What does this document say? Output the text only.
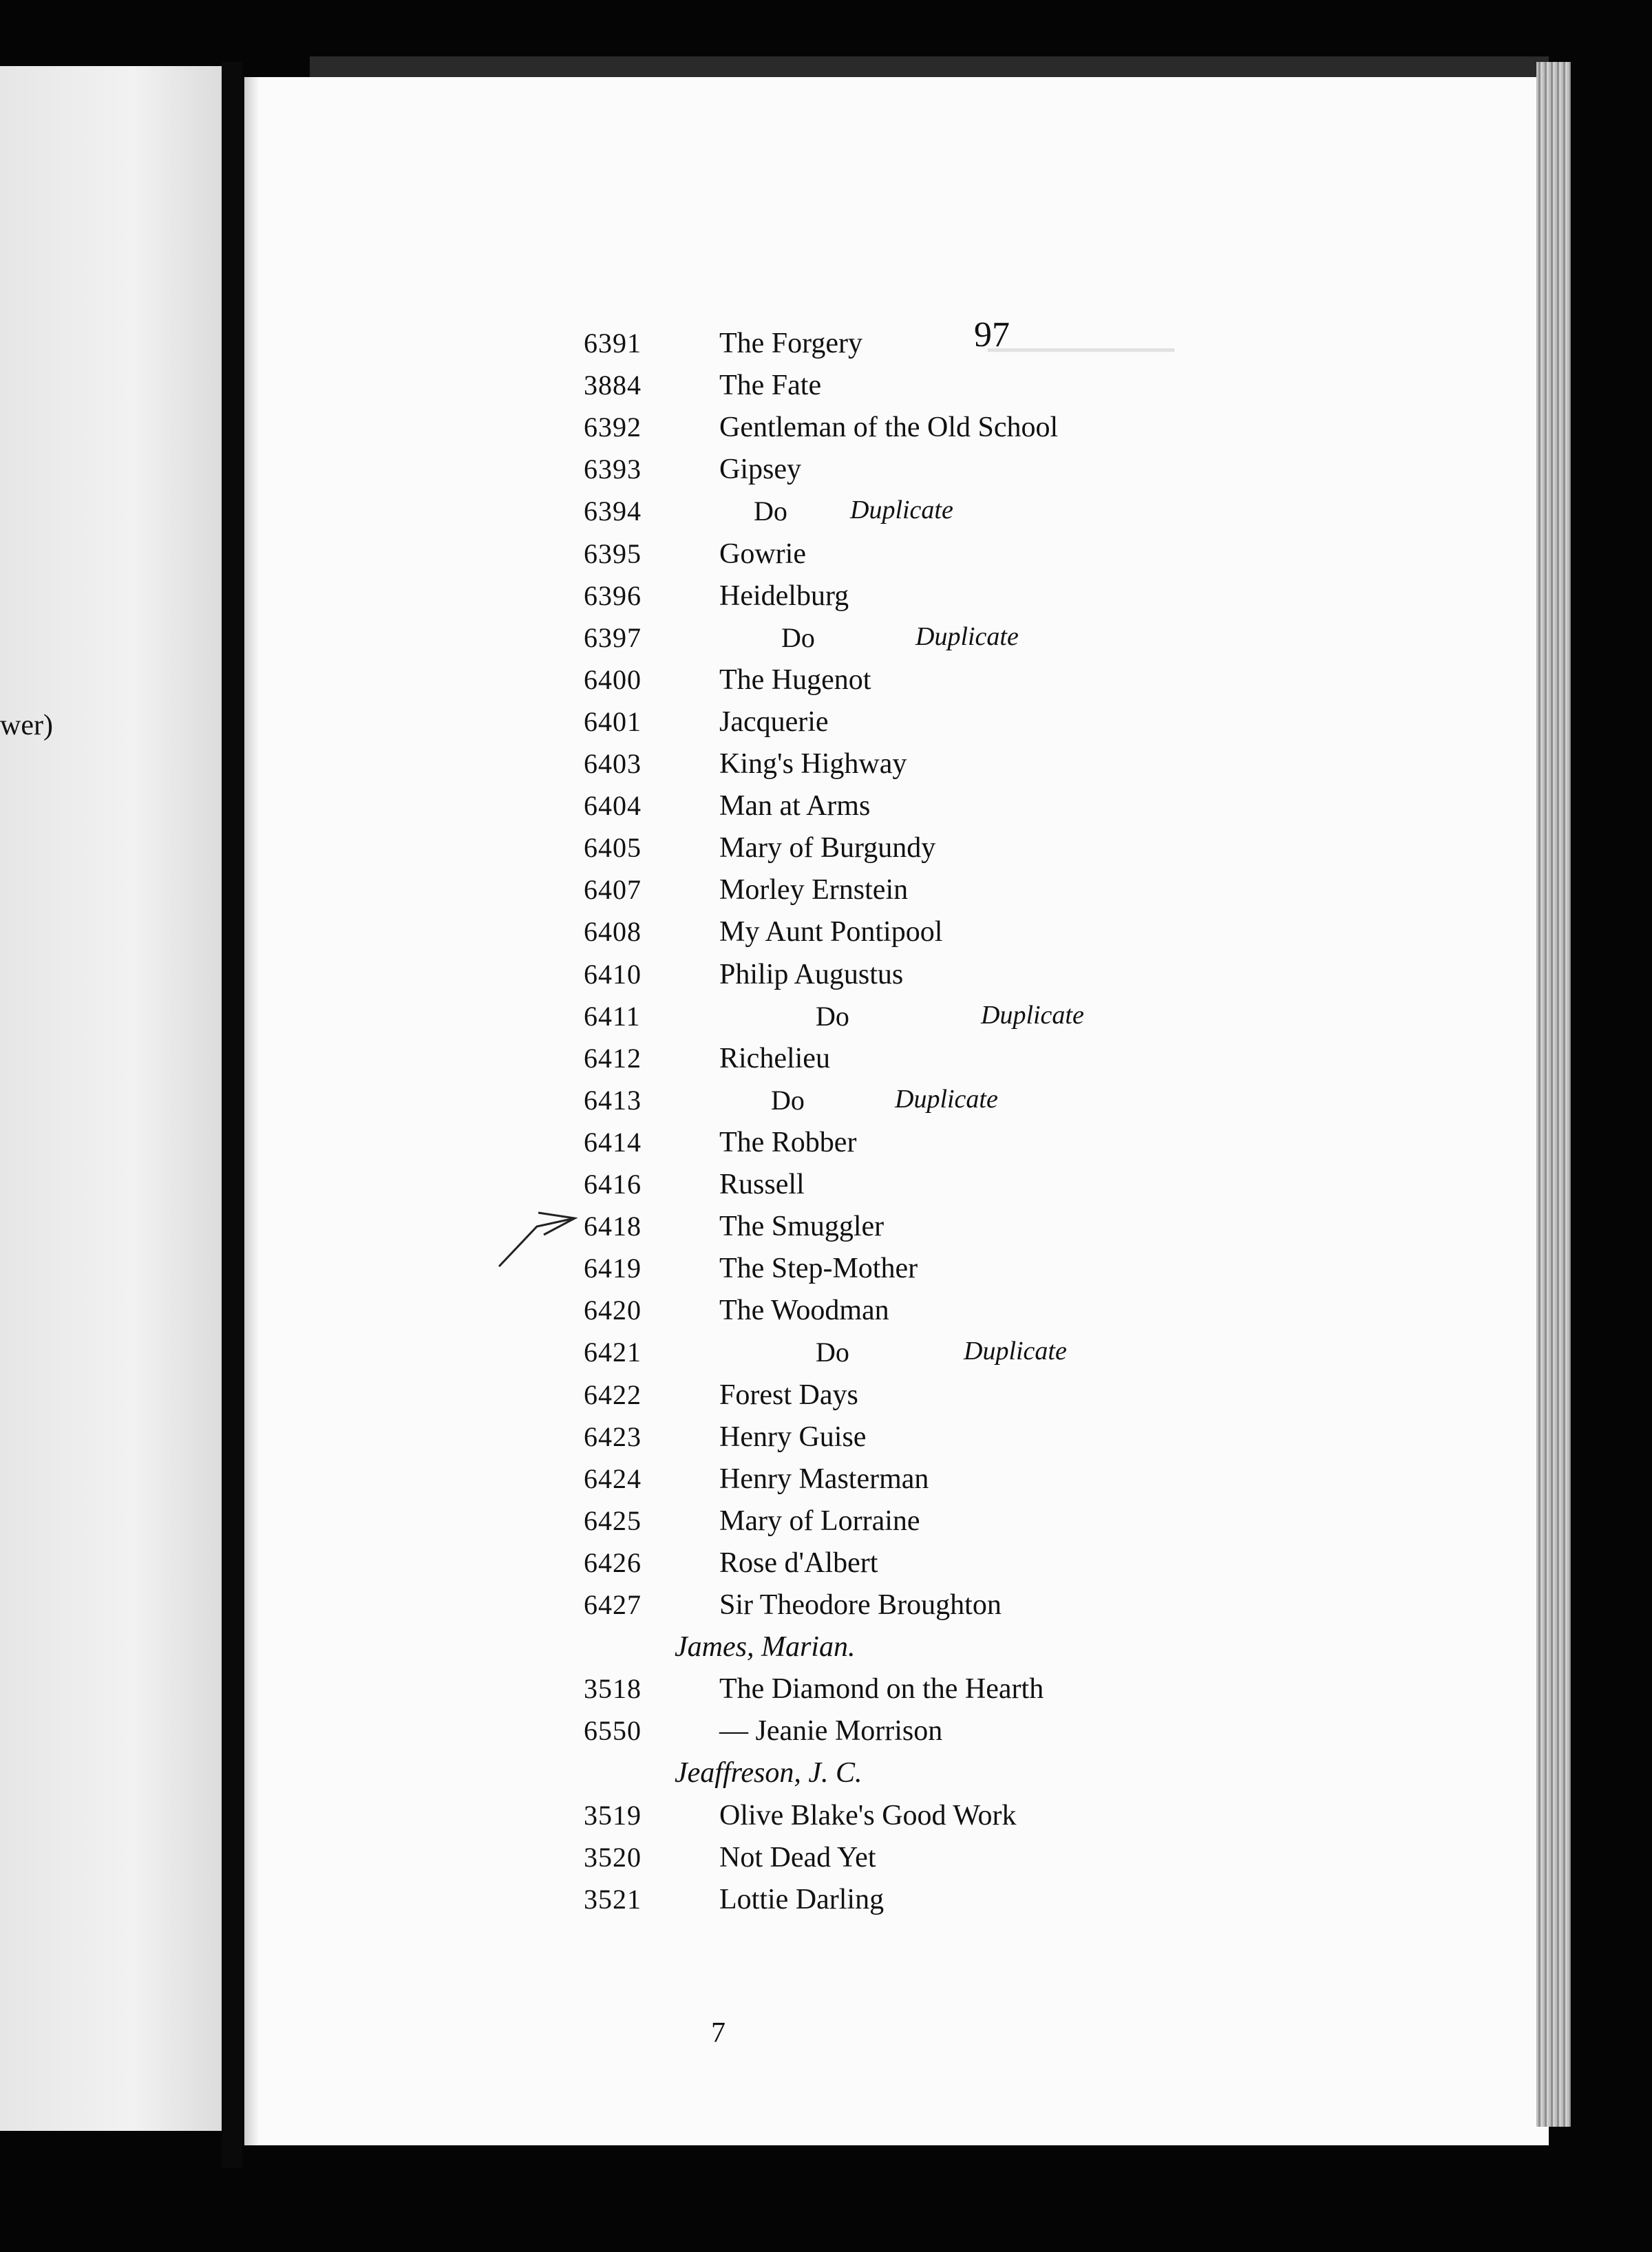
wer)
━━━━━━━━━━━━━━━
97
6391	The Forgery
3884	The Fate
6392	Gentleman of the Old School
6393	Gipsey
6394	Do Duplicate
6395	Gowrie
6396	Heidelburg
6397	Do	Duplicate
6400	The Hugenot
6401	Jacquerie
6403	King's Highway
6404	Man at Arms
6405	Mary of Burgundy
6407	Morley Ernstein
6408	My Aunt Pontipool
6410	Philip Augustus
6411	Do	Duplicate
6412	Richelieu
6413	Do	Duplicate
6414	The Robber
6416	Russell
6418	The Smuggler
6419	The Step-Mother
6420	The Woodman
6421	Do	Duplicate
6422	Forest Days
6423	Henry Guise
6424	Henry Masterman
6425	Mary of Lorraine
6426	Rose d'Albert
6427	Sir Theodore Broughton
James, Marian.
3518	The Diamond on the Hearth
6550	— Jeanie Morrison
Jeaffreson, J. C.
3519	Olive Blake's Good Work
3520	Not Dead Yet
3521	Lottie Darling
7
